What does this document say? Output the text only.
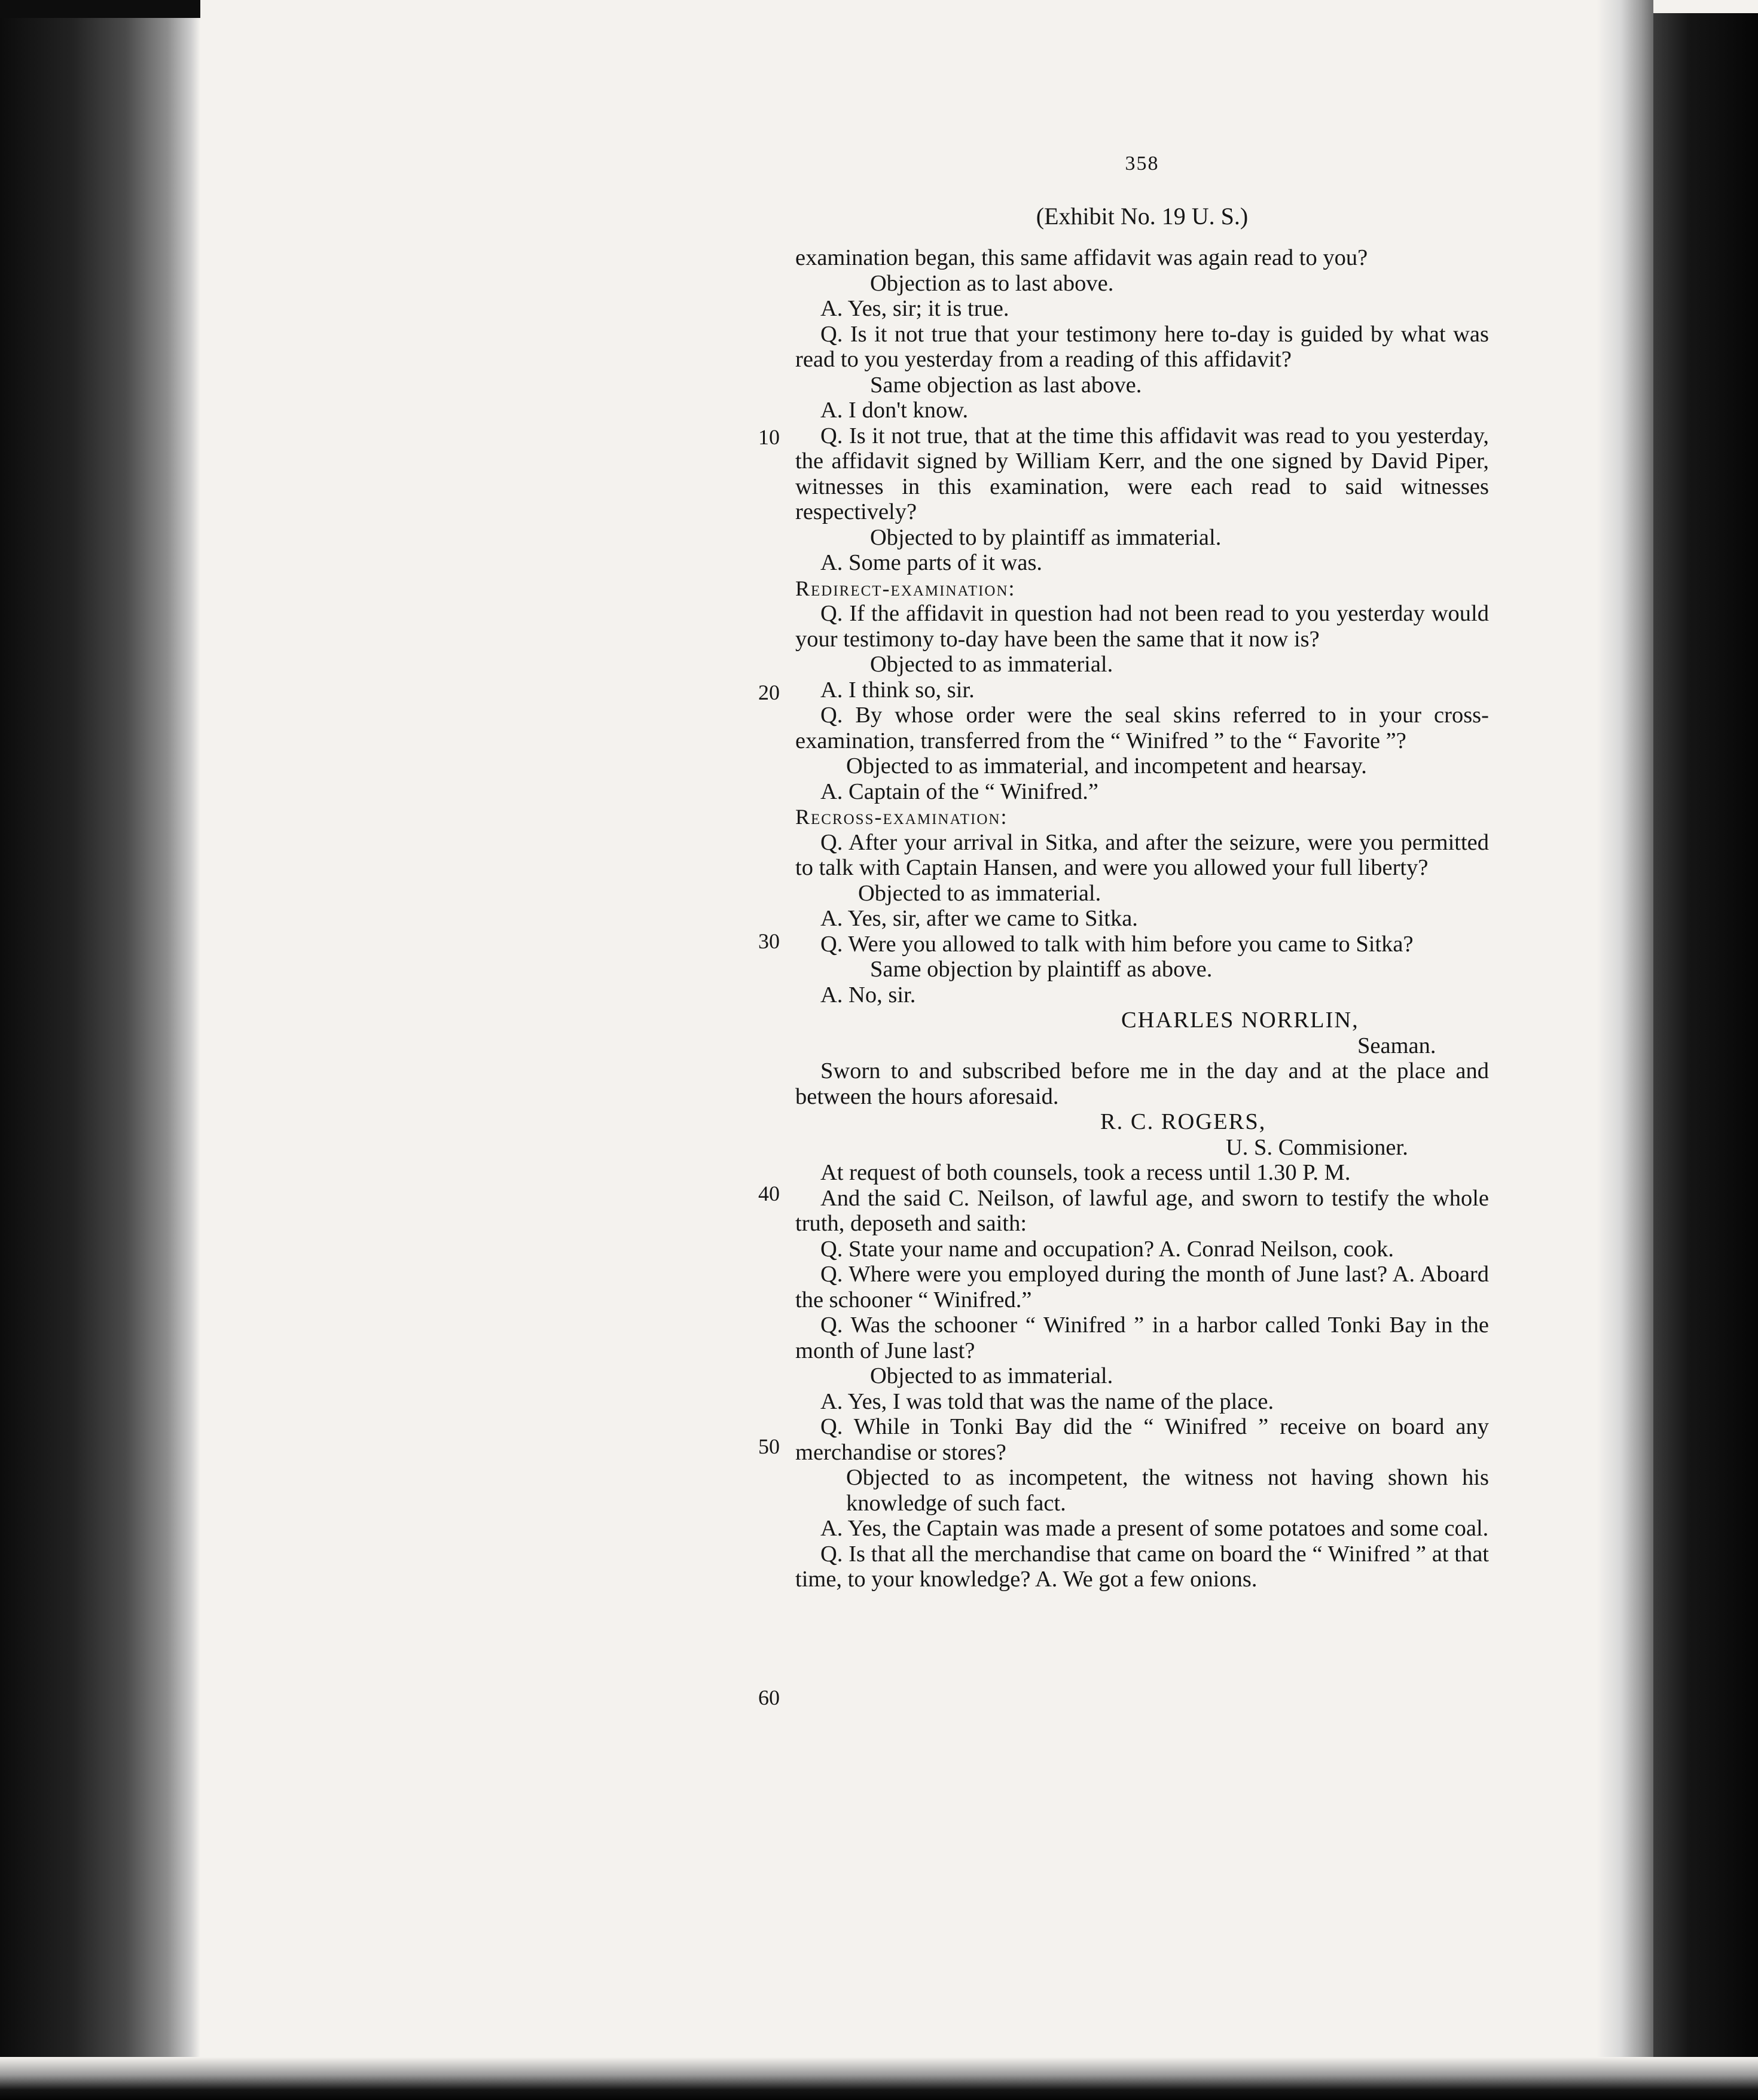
358
(Exhibit No. 19 U. S.)
10
20
30
40
50
60

examination began, this same affidavit was again read to you?

Objection as to last above.

A. Yes, sir; it is true.

Q. Is it not true that your testimony here to-day is guided by what was read to you yesterday from a reading of this affidavit?

Same objection as last above.

A. I don't know.

Q. Is it not true, that at the time this affidavit was read to you yesterday, the affidavit signed by William Kerr, and the one signed by David Piper, witnesses in this examination, were each read to said witnesses respectively?

Objected to by plaintiff as immaterial.

A. Some parts of it was.

Redirect-examination:

Q. If the affidavit in question had not been read to you yesterday would your testimony to-day have been the same that it now is?

Objected to as immaterial.

A. I think so, sir.

Q. By whose order were the seal skins referred to in your cross-examination, transferred from the “ Winifred ” to the “ Favorite ”?

Objected to as immaterial, and incompetent and hearsay.

A. Captain of the “ Winifred.”

Recross-examination:

Q. After your arrival in Sitka, and after the seizure, were you permitted to talk with Captain Hansen, and were you allowed your full liberty?

Objected to as immaterial.

A. Yes, sir, after we came to Sitka.

Q. Were you allowed to talk with him before you came to Sitka?

Same objection by plaintiff as above.

A. No, sir.

CHARLES NORRLIN,

Seaman.

Sworn to and subscribed before me in the day and at the place and between the hours aforesaid.

R. C. ROGERS,

U. S. Commisioner.

At request of both counsels, took a recess until 1.30 P. M.

And the said C. Neilson, of lawful age, and sworn to testify the whole truth, deposeth and saith:

Q. State your name and occupation? A. Conrad Neilson, cook.

Q. Where were you employed during the month of June last? A. Aboard the schooner “ Winifred.”

Q. Was the schooner “ Winifred ” in a harbor called Tonki Bay in the month of June last?

Objected to as immaterial.

A. Yes, I was told that was the name of the place.

Q. While in Tonki Bay did the “ Winifred ” receive on board any merchandise or stores?

Objected to as incompetent, the witness not having shown his knowledge of such fact.

A. Yes, the Captain was made a present of some potatoes and some coal.

Q. Is that all the merchandise that came on board the “ Winifred ” at that time, to your knowledge? A. We got a few onions.
